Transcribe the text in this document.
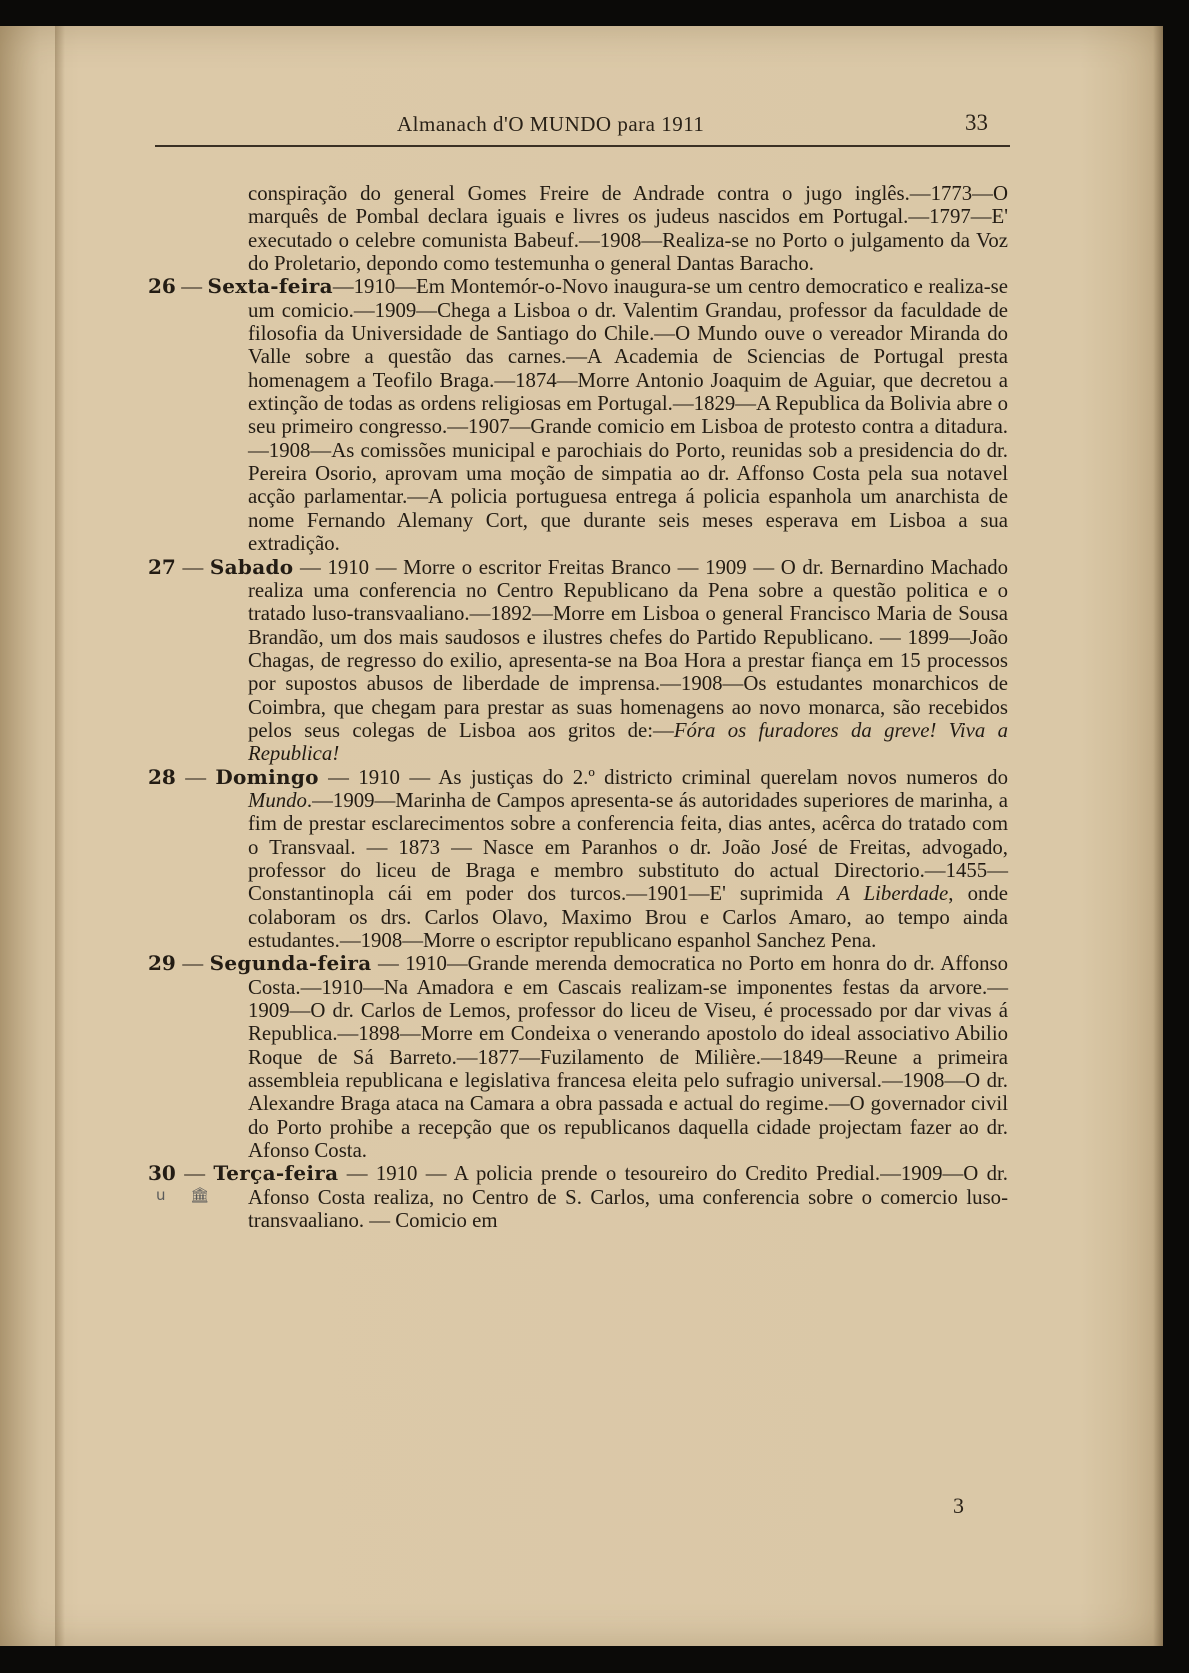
Almanach d'O MUNDO para 1911	33

conspiração do general Gomes Freire de Andrade contra o jugo inglês.—1773—O marquês de Pombal declara iguais e livres os judeus nascidos em Portugal.—1797—E' executado o celebre comunista Babeuf.—1908—Realiza-se no Porto o julgamento da Voz do Proletario, depondo como testemunha o general Dantas Baracho.

26 — Sexta-feira—1910—Em Montemór-o-Novo inaugura-se um centro democratico e realiza-se um comicio.—1909—Chega a Lisboa o dr. Valentim Grandau, professor da faculdade de filosofia da Universidade de Santiago do Chile.—O Mundo ouve o vereador Miranda do Valle sobre a questão das carnes.—A Academia de Sciencias de Portugal presta homenagem a Teofilo Braga.—1874—Morre Antonio Joaquim de Aguiar, que decretou a extinção de todas as ordens religiosas em Portugal.—1829—A Republica da Bolivia abre o seu primeiro congresso.—1907—Grande comicio em Lisboa de protesto contra a ditadura.—1908—As comissões municipal e parochiais do Porto, reunidas sob a presidencia do dr. Pereira Osorio, aprovam uma moção de simpatia ao dr. Affonso Costa pela sua notavel acção parlamentar.—A policia portuguesa entrega á policia espanhola um anarchista de nome Fernando Alemany Cort, que durante seis meses esperava em Lisboa a sua extradição.

27 — Sabado — 1910 — Morre o escritor Freitas Branco — 1909 — O dr. Bernardino Machado realiza uma conferencia no Centro Republicano da Pena sobre a questão politica e o tratado luso-transvaaliano.—1892—Morre em Lisboa o general Francisco Maria de Sousa Brandão, um dos mais saudosos e ilustres chefes do Partido Republicano. — 1899—João Chagas, de regresso do exilio, apresenta-se na Boa Hora a prestar fiança em 15 processos por supostos abusos de liberdade de imprensa.—1908—Os estudantes monarchicos de Coimbra, que chegam para prestar as suas homenagens ao novo monarca, são recebidos pelos seus colegas de Lisboa aos gritos de:—Fóra os furadores da greve! Viva a Republica!

28 — Domingo — 1910 — As justiças do 2.º districto criminal querelam novos numeros do Mundo.—1909—Marinha de Campos apresenta-se ás autoridades superiores de marinha, a fim de prestar esclarecimentos sobre a conferencia feita, dias antes, acêrca do tratado com o Transvaal. — 1873 — Nasce em Paranhos o dr. João José de Freitas, advogado, professor do liceu de Braga e membro substituto do actual Directorio.—1455—Constantinopla cái em poder dos turcos.—1901—E' suprimida A Liberdade, onde colaboram os drs. Carlos Olavo, Maximo Brou e Carlos Amaro, ao tempo ainda estudantes.—1908—Morre o escriptor republicano espanhol Sanchez Pena.

29 — Segunda-feira — 1910—Grande merenda democratica no Porto em honra do dr. Affonso Costa.—1910—Na Amadora e em Cascais realizam-se imponentes festas da arvore.—1909—O dr. Carlos de Lemos, professor do liceu de Viseu, é processado por dar vivas á Republica.—1898—Morre em Condeixa o venerando apostolo do ideal associativo Abilio Roque de Sá Barreto.—1877—Fuzilamento de Milière.—1849—Reune a primeira assembleia republicana e legislativa francesa eleita pelo sufragio universal.—1908—O dr. Alexandre Braga ataca na Camara a obra passada e actual do regime.—O governador civil do Porto prohibe a recepção que os republicanos daquella cidade projectam fazer ao dr. Afonso Costa.

30 — Terça-feira — 1910 — A policia prende o tesoureiro do Credito Predial.—1909—O dr. Afonso Costa realiza, no Centro de S. Carlos, uma conferencia sobre o comercio luso-transvaaliano. — Comicio em

u 🏛
3
